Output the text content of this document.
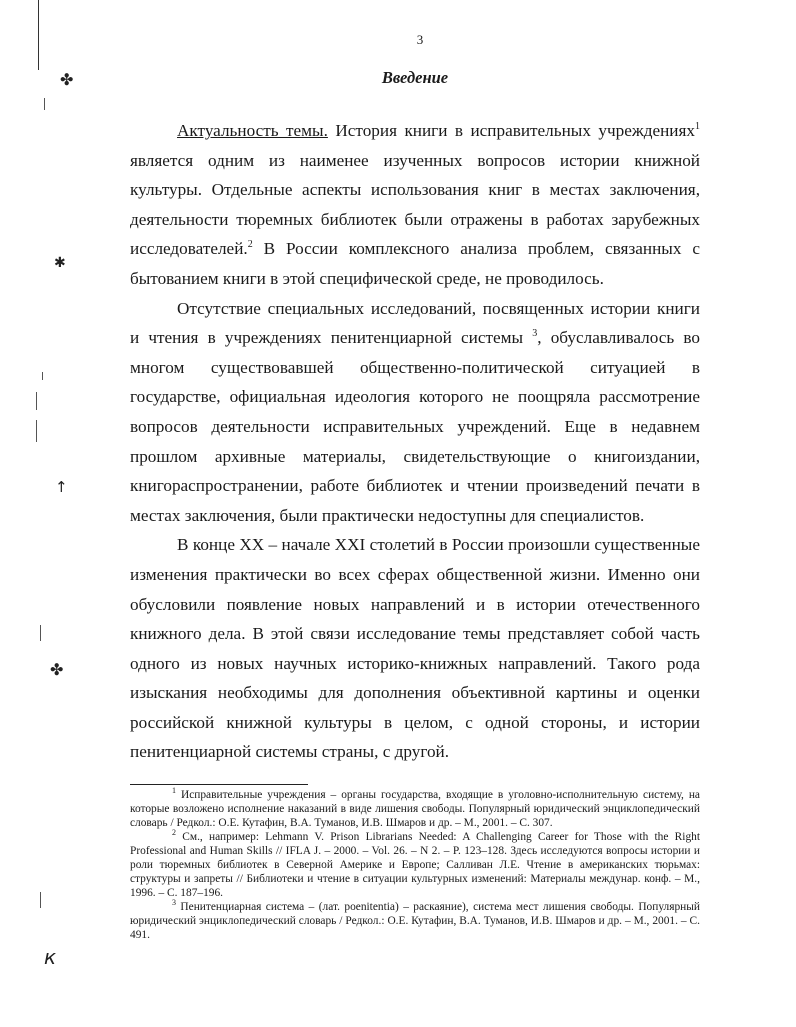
✤
✱
↑
✤
к
3
Введение

Актуальность темы. История книги в исправительных учреждениях$^1$ является одним из наименее изученных вопросов истории книжной культуры. Отдельные аспекты использования книг в местах заключения, деятельности тюремных библиотек были отражены в работах зарубежных исследователей.$^2$ В России комплексного анализа проблем, связанных с бытованием книги в этой специфической среде, не проводилось.

Отсутствие специальных исследований, посвященных истории книги и чтения в учреждениях пенитенциарной системы $^3$, обуславливалось во многом существовавшей общественно-политической ситуацией в государстве, официальная идеология которого не поощряла рассмотрение вопросов деятельности исправительных учреждений. Еще в недавнем прошлом архивные материалы, свидетельствующие о книгоиздании, книгораспространении, работе библиотек и чтении произведений печати в местах заключения, были практически недоступны для специалистов.

В конце XX – начале XXI столетий в России произошли существенные изменения практически во всех сферах общественной жизни. Именно они обусловили появление новых направлений и в истории отечественного книжного дела. В этой связи исследование темы представляет собой часть одного из новых научных историко-книжных направлений. Такого рода изыскания необходимы для дополнения объективной картины и оценки российской книжной культуры в целом, с одной стороны, и истории пенитенциарной системы страны, с другой.

$^1$ Исправительные учреждения – органы государства, входящие в уголовно-исполнительную систему, на которые возложено исполнение наказаний в виде лишения свободы. Популярный юридический энциклопедический словарь / Редкол.: О.Е. Кутафин, В.А. Туманов, И.В. Шмаров и др. – М., 2001. – С. 307.

$^2$ См., например: Lehmann V. Prison Librarians Needed: A Challenging Career for Those with the Right Professional and Human Skills // IFLA J. – 2000. – Vol. 26. – N 2. – P. 123–128. Здесь исследуются вопросы истории и роли тюремных библиотек в Северной Америке и Европе; Салливан Л.Е. Чтение в американских тюрьмах: структуры и запреты // Библиотеки и чтение в ситуации культурных изменений: Материалы междунар. конф. – М., 1996. – С. 187–196.

$^3$ Пенитенциарная система – (лат. poenitentia) – раскаяние), система мест лишения свободы. Популярный юридический энциклопедический словарь / Редкол.: О.Е. Кутафин, В.А. Туманов, И.В. Шмаров и др. – М., 2001. – С. 491.
